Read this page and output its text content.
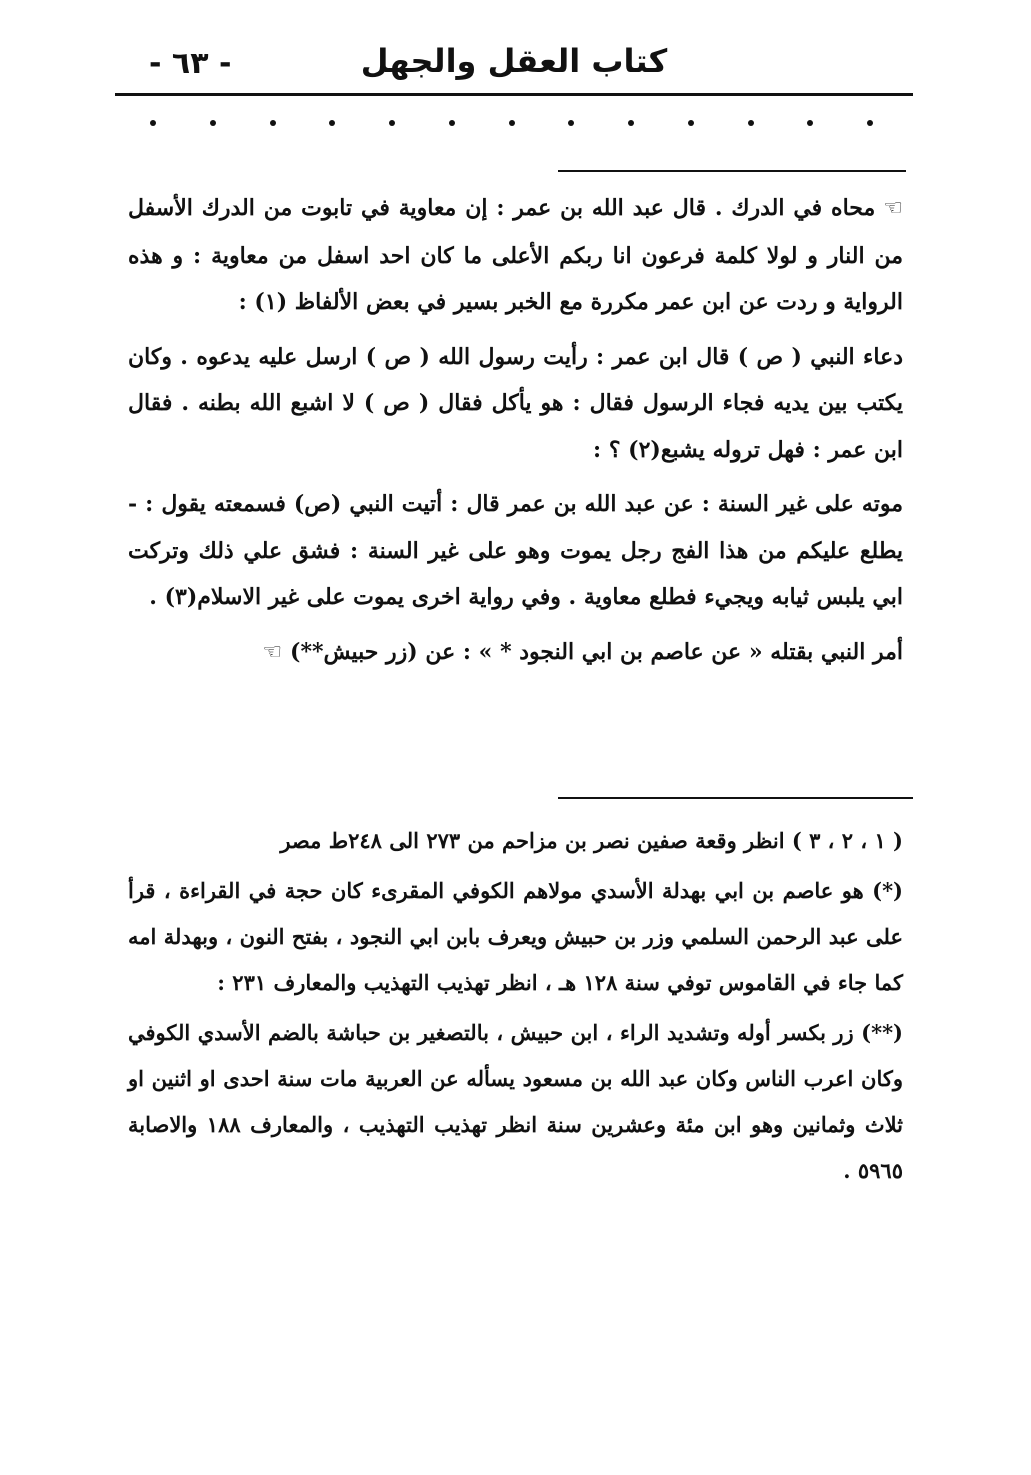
- ٦٣ -	كتاب العقل والجهل

☜محاه في الدرك . قال عبد الله بن عمر : إن معاوية في تابوت من الدرك الأسفل من النار و لولا كلمة فرعون انا ربكم الأعلى ما كان احد اسفل من معاوية : و هذه الرواية و ردت عن ابن عمر مكررة مع الخبر بسير في بعض الألفاظ (١) :

دعاء النبي ( ص ) قال ابن عمر : رأيت رسول الله ( ص ) ارسل عليه يدعوه . وكان يكتب بين يديه فجاء الرسول فقال : هو يأكل فقال ( ص ) لا اشبع الله بطنه . فقال ابن عمر : فهل تروله يشبع(٢) ؟ :

موته على غير السنة : عن عبد الله بن عمر قال : أتيت النبي (ص) فسمعته يقول : - يطلع عليكم من هذا الفج رجل يموت وهو على غير السنة : فشق علي ذلك وتركت ابي يلبس ثيابه ويجيء فطلع معاوية . وفي رواية اخرى يموت على غير الاسلام(٣) .

أمر النبي بقتله « عن عاصم بن ابي النجود * » : عن (زر حبيش**)☜

( ١ ، ٢ ، ٣ ) انظر وقعة صفين نصر بن مزاحم من ٢٧٣ الى ٢٤٨ط مصر

(*) هو عاصم بن ابي بهدلة الأسدي مولاهم الكوفي المقرىء كان حجة في القراءة ، قرأ على عبد الرحمن السلمي وزر بن حبيش ويعرف بابن ابي النجود ، بفتح النون ، وبهدلة امه كما جاء في القاموس توفي سنة ١٢٨ هـ ، انظر تهذيب التهذيب والمعارف ٢٣١ :

(**) زر بكسر أوله وتشديد الراء ، ابن حبيش ، بالتصغير بن حباشة بالضم الأسدي الكوفي وكان اعرب الناس وكان عبد الله بن مسعود يسأله عن العربية مات سنة احدى او اثنين او ثلاث وثمانين وهو ابن مئة وعشرين سنة انظر تهذيب التهذيب ، والمعارف ١٨٨ والاصابة ٥٩٦٥ .
